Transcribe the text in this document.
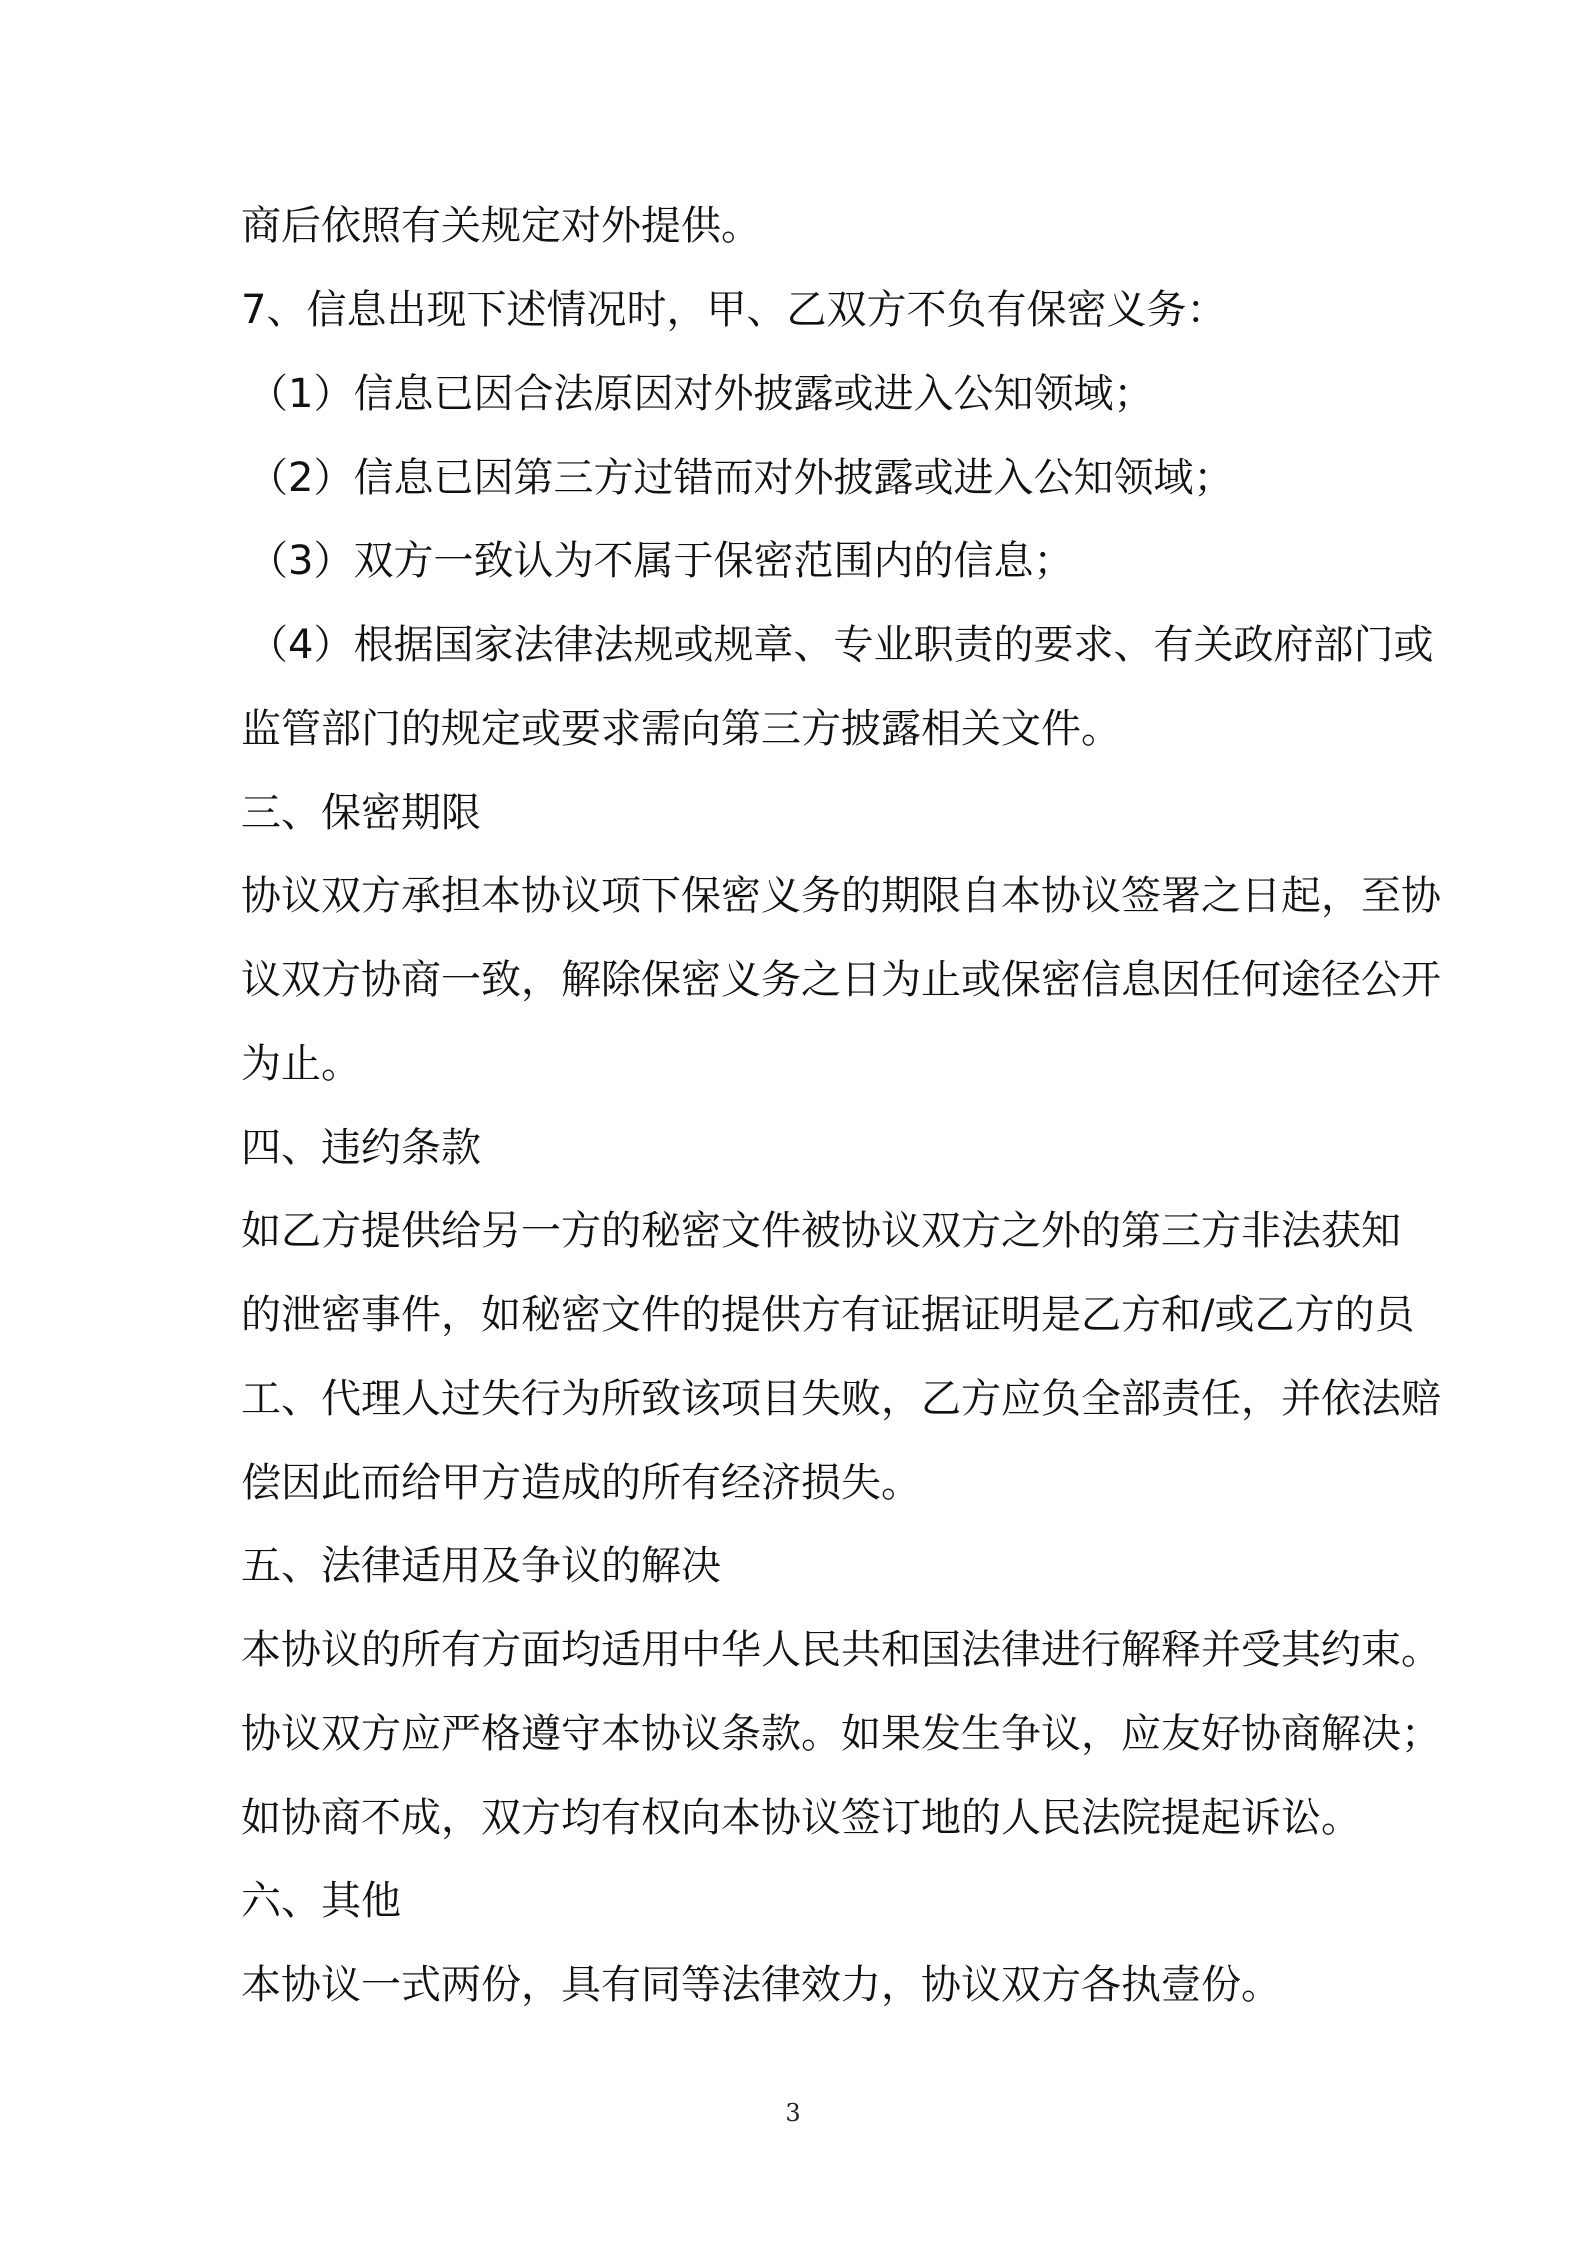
商后依照有关规定对外提供。
7、信息出现下述情况时，甲、乙双方不负有保密义务：
（1）信息已因合法原因对外披露或进入公知领域；
（2）信息已因第三方过错而对外披露或进入公知领域；
（3）双方一致认为不属于保密范围内的信息；
（4）根据国家法律法规或规章、专业职责的要求、有关政府部门或
监管部门的规定或要求需向第三方披露相关文件。
三、保密期限
协议双方承担本协议项下保密义务的期限自本协议签署之日起，至协
议双方协商一致，解除保密义务之日为止或保密信息因任何途径公开
为止。
四、违约条款
如乙方提供给另一方的秘密文件被协议双方之外的第三方非法获知
的泄密事件，如秘密文件的提供方有证据证明是乙方和/或乙方的员
工、代理人过失行为所致该项目失败，乙方应负全部责任，并依法赔
偿因此而给甲方造成的所有经济损失。
五、法律适用及争议的解决
本协议的所有方面均适用中华人民共和国法律进行解释并受其约束。
协议双方应严格遵守本协议条款。如果发生争议，应友好协商解决；
如协商不成，双方均有权向本协议签订地的人民法院提起诉讼。
六、其他
本协议一式两份，具有同等法律效力，协议双方各执壹份。
3
